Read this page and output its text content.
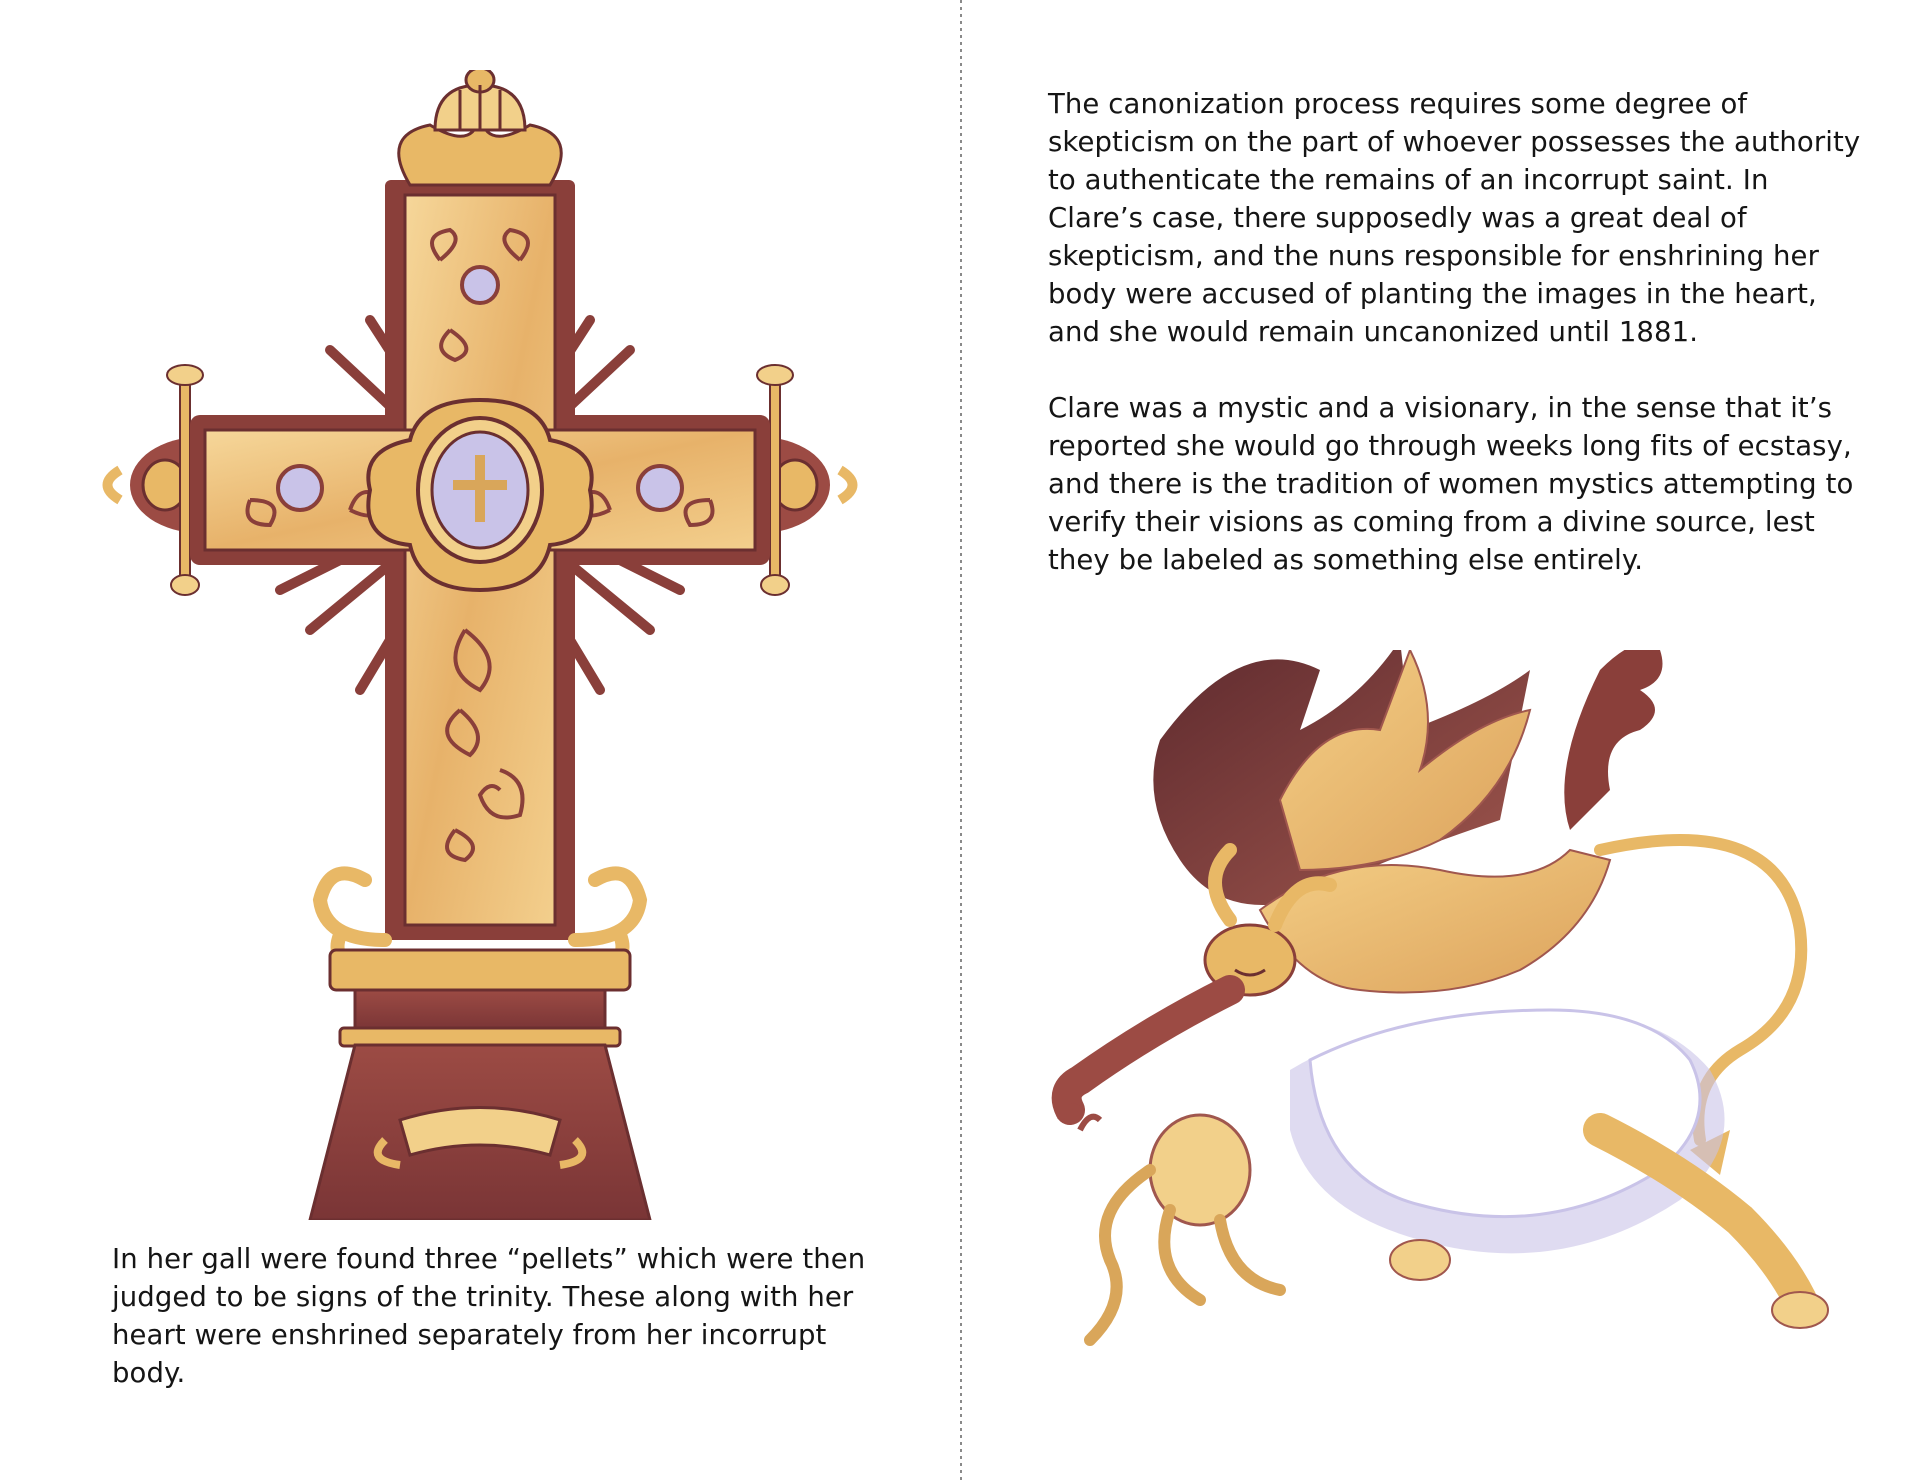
In her gall were found three “pellets” which were then judged to be signs of the trinity. These along with her heart were enshrined separately from her incorrupt body.

The canonization process requires some degree of skepticism on the part of whoever possesses the authority to authenticate the remains of an incorrupt saint. In Clare’s case, there supposedly was a great deal of skepticism, and the nuns responsible for enshrining her body were accused of planting the images in the heart, and she would remain uncanonized until 1881.

Clare was a mystic and a visionary, in the sense that it’s reported she would go through weeks long fits of ecstasy, and there is the tradition of women mystics attempting to verify their visions as coming from a divine source, lest they be labeled as something else entirely.
